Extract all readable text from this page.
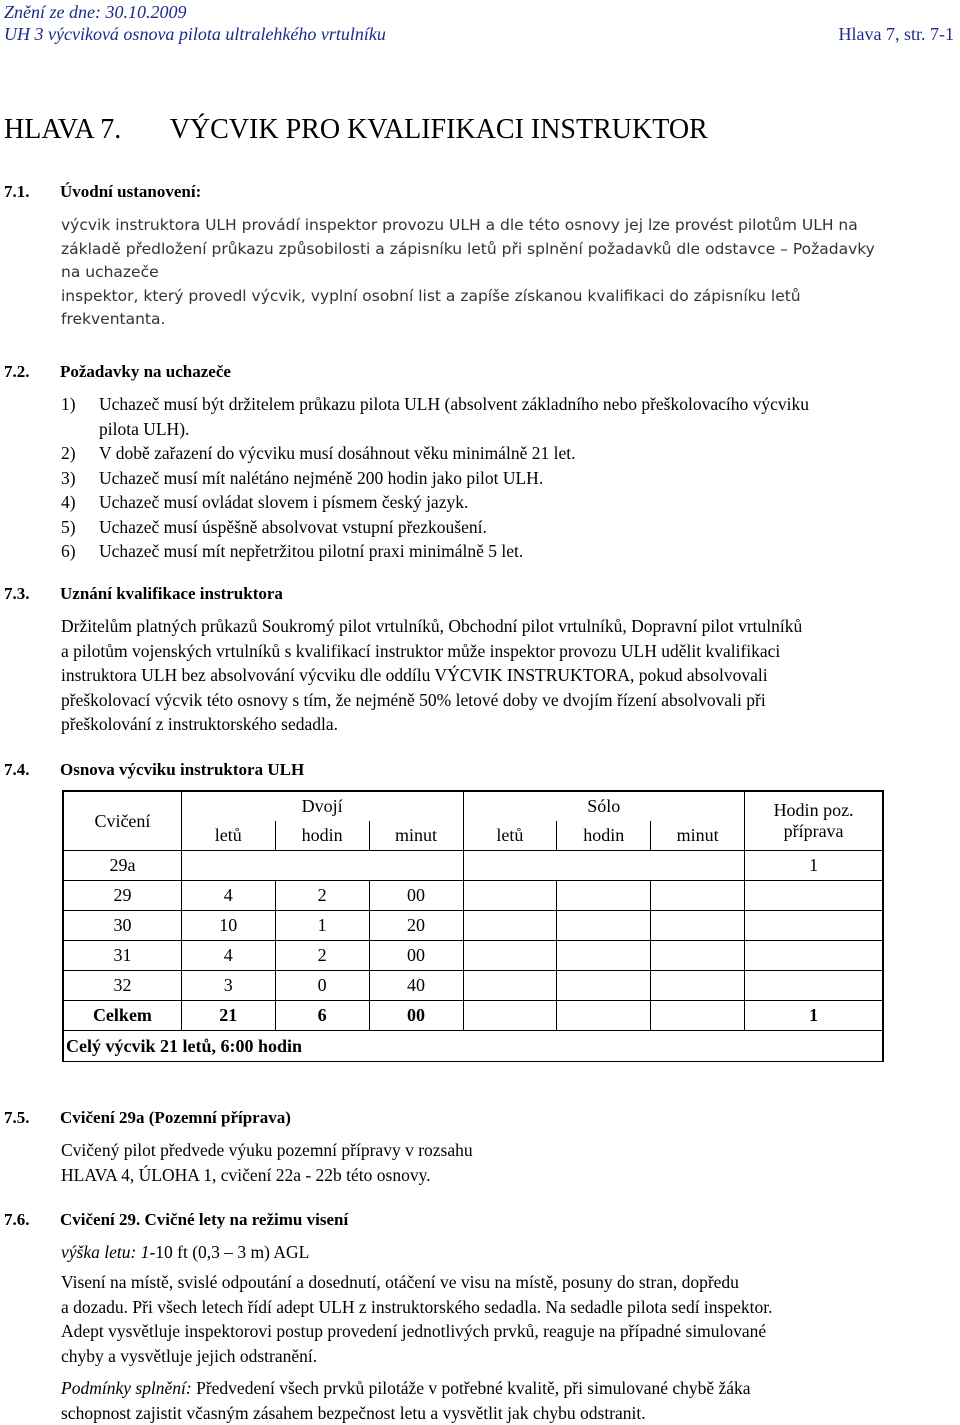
Znění ze dne: 30.10.2009
UH 3 výcviková osnova pilota ultralehkého vrtulníku	Hlava 7, str. 7-1
HLAVA 7.       VÝCVIK PRO KVALIFIKACI INSTRUKTOR
7.1. Úvodní ustanovení:
výcvik instruktora ULH provádí inspektor provozu ULH a dle této osnovy jej lze provést pilotům ULH na
základě předložení průkazu způsobilosti a zápisníku letů při splnění požadavků dle odstavce – Požadavky
na uchazeče
inspektor, který provedl výcvik, vyplní osobní list a zapíše získanou kvalifikaci do zápisníku letů
frekventanta.
7.2. Požadavky na uchazeče
1)	Uchazeč musí být držitelem průkazu pilota ULH (absolvent základního nebo přeškolovacího výcviku
pilota ULH).
2)	V době zařazení do výcviku musí dosáhnout věku minimálně 21 let.
3)	Uchazeč musí mít nalétáno nejméně 200 hodin jako pilot ULH.
4)	Uchazeč musí ovládat slovem i písmem český jazyk.
5)	Uchazeč musí úspěšně absolvovat vstupní přezkoušení.
6)	Uchazeč musí mít nepřetržitou pilotní praxi minimálně 5 let.
7.3. Uznání kvalifikace instruktora
Držitelům platných průkazů Soukromý pilot vrtulníků, Obchodní pilot vrtulníků, Dopravní pilot vrtulníků
a pilotům vojenských vrtulníků s kvalifikací instruktor může inspektor provozu ULH udělit kvalifikaci
instruktora ULH bez absolvování výcviku dle oddílu VÝCVIK INSTRUKTORA, pokud absolvovali
přeškolovací výcvik této osnovy s tím, že nejméně 50% letové doby ve dvojím řízení absolvovali při
přeškolování z instruktorského sedadla.
7.4. Osnova výcviku instruktora ULH
Cvičení	Dvojí			Sólo			Hodin poz.
	letů	hodin	minut	letů	hodin	minut	příprava
29a							1
29	4	2	00				
30	10	1	20				
31	4	2	00				
32	3	0	40				
Celkem	21	6	00				1
Celý výcvik 21 letů, 6:00 hodin							
7.5. Cvičení 29a (Pozemní příprava)
Cvičený pilot předvede výuku pozemní přípravy v rozsahu
HLAVA 4, ÚLOHA 1, cvičení 22a - 22b této osnovy.
7.6. Cvičení 29. Cvičné lety na režimu visení
výška letu: 1-10 ft (0,3 – 3 m) AGL
Visení na místě, svislé odpoutání a dosednutí, otáčení ve visu na místě, posuny do stran, dopředu
a dozadu. Při všech letech řídí adept ULH z instruktorského sedadla. Na sedadle pilota sedí inspektor.
Adept vysvětluje inspektorovi postup provedení jednotlivých prvků, reaguje na případné simulované
chyby a vysvětluje jejich odstranění.
Podmínky splnění: Předvedení všech prvků pilotáže v potřebné kvalitě, při simulované chybě žáka
schopnost zajistit včasným zásahem bezpečnost letu a vysvětlit jak chybu odstranit.
